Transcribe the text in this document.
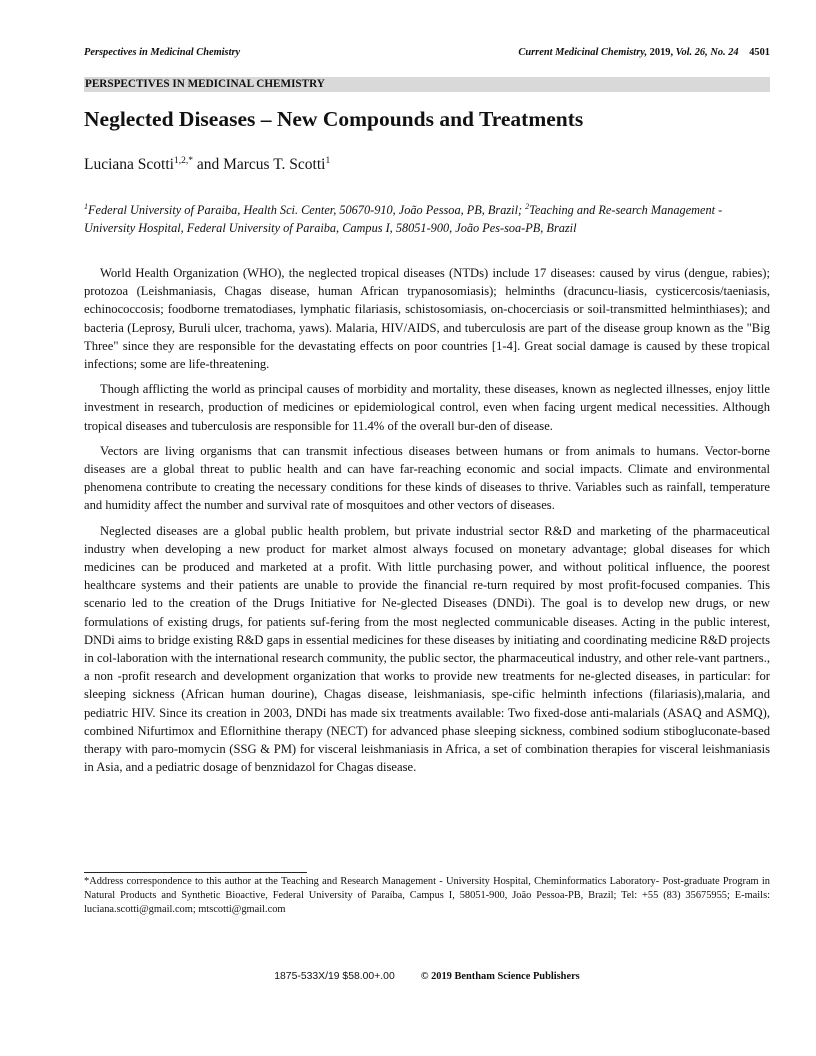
Perspectives in Medicinal Chemistry	Current Medicinal Chemistry, 2019, Vol. 26, No. 24 4501
PERSPECTIVES IN MEDICINAL CHEMISTRY
Neglected Diseases – New Compounds and Treatments
Luciana Scotti$^{1,2,*}$ and Marcus T. Scotti$^1$
$^1$Federal University of Paraiba, Health Sci. Center, 50670-910, João Pessoa, PB, Brazil; $^2$Teaching and Re-search Management - University Hospital, Federal University of Paraiba, Campus I, 58051-900, João Pes-soa-PB, Brazil

World Health Organization (WHO), the neglected tropical diseases (NTDs) include 17 diseases: caused by virus (dengue, rabies); protozoa (Leishmaniasis, Chagas disease, human African trypanosomiasis); helminths (dracuncu-liasis, cysticercosis/taeniasis, echinococcosis; foodborne trematodiases, lymphatic filariasis, schistosomiasis, on-chocerciasis or soil-transmitted helminthiases); and bacteria (Leprosy, Buruli ulcer, trachoma, yaws). Malaria, HIV/AIDS, and tuberculosis are part of the disease group known as the "Big Three" since they are responsible for the devastating effects on poor countries [1-4]. Great social damage is caused by these tropical infections; some are life-threatening.

Though afflicting the world as principal causes of morbidity and mortality, these diseases, known as neglected illnesses, enjoy little investment in research, production of medicines or epidemiological control, even when facing urgent medical necessities. Although tropical diseases and tuberculosis are responsible for 11.4% of the overall bur-den of disease.

Vectors are living organisms that can transmit infectious diseases between humans or from animals to humans. Vector-borne diseases are a global threat to public health and can have far-reaching economic and social impacts. Climate and environmental phenomena contribute to creating the necessary conditions for these kinds of diseases to thrive. Variables such as rainfall, temperature and humidity affect the number and survival rate of mosquitoes and other vectors of diseases.

Neglected diseases are a global public health problem, but private industrial sector R&D and marketing of the pharmaceutical industry when developing a new product for market almost always focused on monetary advantage; global diseases for which medicines can be produced and marketed at a profit. With little purchasing power, and without political influence, the poorest healthcare systems and their patients are unable to provide the financial re-turn required by most profit-focused companies. This scenario led to the creation of the Drugs Initiative for Ne-glected Diseases (DNDi). The goal is to develop new drugs, or new formulations of existing drugs, for patients suf-fering from the most neglected communicable diseases. Acting in the public interest, DNDi aims to bridge existing R&D gaps in essential medicines for these diseases by initiating and coordinating medicine R&D projects in col-laboration with the international research community, the public sector, the pharmaceutical industry, and other rele-vant partners., a non -profit research and development organization that works to provide new treatments for ne-glected diseases, in particular: for sleeping sickness (African human dourine), Chagas disease, leishmaniasis, spe-cific helminth infections (filariasis),malaria, and pediatric HIV. Since its creation in 2003, DNDi has made six treatments available: Two fixed-dose anti-malarials (ASAQ and ASMQ), combined Nifurtimox and Eflornithine therapy (NECT) for advanced phase sleeping sickness, combined sodium stibogluconate-based therapy with paro-momycin (SSG & PM) for visceral leishmaniasis in Africa, a set of combination therapies for visceral leishmaniasis in Asia, and a pediatric dosage of benznidazol for Chagas disease.

*Address correspondence to this author at the Teaching and Research Management - University Hospital, Cheminformatics Laboratory- Post-graduate Program in Natural Products and Synthetic Bioactive, Federal University of Paraíba, Campus I, 58051-900, João Pessoa-PB, Brazil; Tel: +55 (83) 35675955; E-mails: luciana.scotti@gmail.com; mtscotti@gmail.com
1875-533X/19 $58.00+.00	© 2019 Bentham Science Publishers
